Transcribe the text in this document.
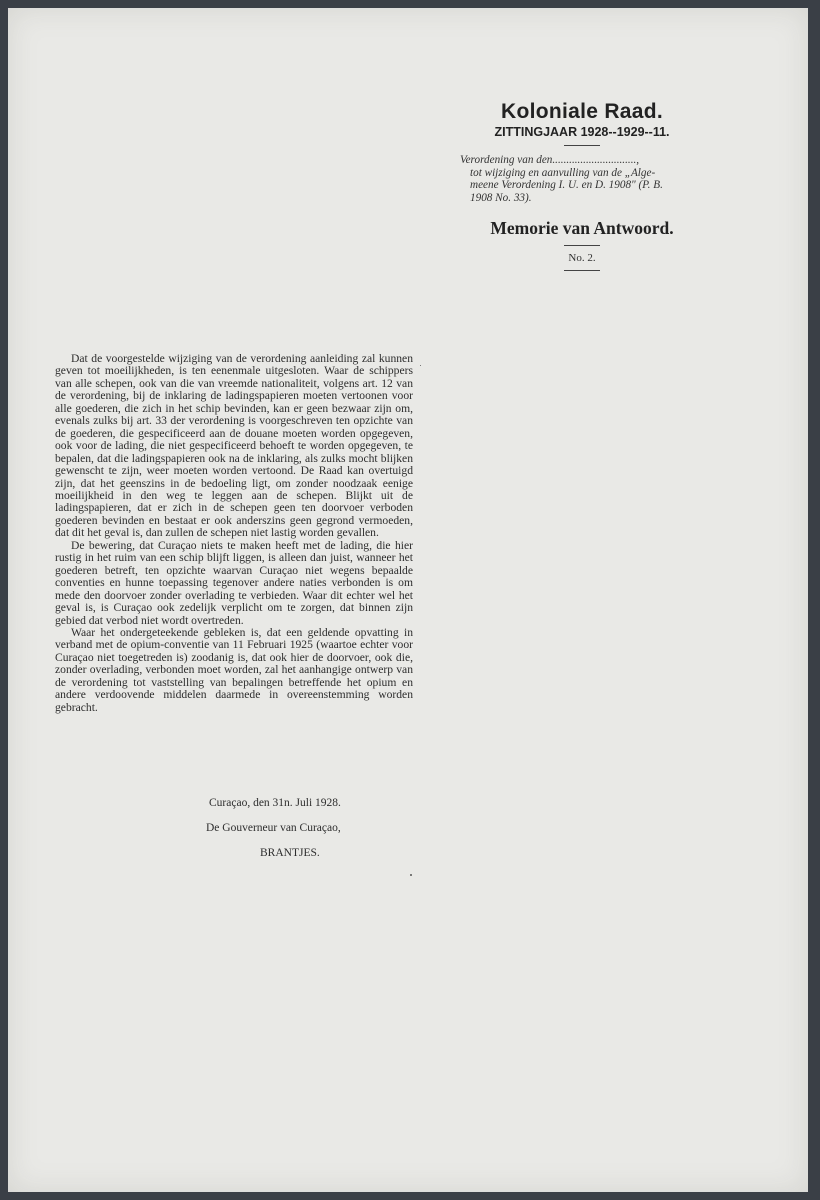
Koloniale Raad.
ZITTINGJAAR 1928--1929--11.
Verordening van den..............................,
tot wijziging en aanvulling van de „Alge-
meene Verordening I. U. en D. 1908" (P. B.
1908 No. 33).
Memorie van Antwoord.
No. 2.

Dat de voorgestelde wijziging van de verordening aanleiding zal kunnen geven tot moeilijkheden, is ten eenenmale uitgesloten. Waar de schippers van alle schepen, ook van die van vreemde nationaliteit, volgens art. 12 van de verordening, bij de inklaring de ladingspapieren moeten vertoonen voor alle goederen, die zich in het schip bevinden, kan er geen bezwaar zijn om, evenals zulks bij art. 33 der verordening is voorgeschreven ten opzichte van de goederen, die gespecificeerd aan de douane moeten worden opgegeven, ook voor de lading, die niet gespecificeerd behoeft te worden opgegeven, te bepalen, dat die ladingspapieren ook na de inklaring, als zulks mocht blijken gewenscht te zijn, weer moeten worden vertoond. De Raad kan overtuigd zijn, dat het geenszins in de bedoeling ligt, om zonder noodzaak eenige moeilijkheid in den weg te leggen aan de schepen. Blijkt uit de ladingspapieren, dat er zich in de schepen geen ten doorvoer verboden goederen bevinden en bestaat er ook anderszins geen gegrond vermoeden, dat dit het geval is, dan zullen de schepen niet lastig worden gevallen.

De bewering, dat Curaçao niets te maken heeft met de lading, die hier rustig in het ruim van een schip blijft liggen, is alleen dan juist, wanneer het goederen betreft, ten opzichte waarvan Curaçao niet wegens bepaalde conventies en hunne toepassing tegenover andere naties verbonden is om mede den doorvoer zonder overlading te verbieden. Waar dit echter wel het geval is, is Curaçao ook zedelijk verplicht om te zorgen, dat binnen zijn gebied dat verbod niet wordt overtreden.

Waar het ondergeteekende gebleken is, dat een geldende opvatting in verband met de opium-conventie van 11 Februari 1925 (waartoe echter voor Curaçao niet toegetreden is) zoodanig is, dat ook hier de doorvoer, ook die, zonder overlading, verbonden moet worden, zal het aanhangige ontwerp van de verordening tot vaststelling van bepalingen betreffende het opium en andere verdoovende middelen daarmede in overeenstemming worden gebracht.

Curaçao, den 31n. Juli 1928.
De Gouverneur van Curaçao,
BRANTJES.
